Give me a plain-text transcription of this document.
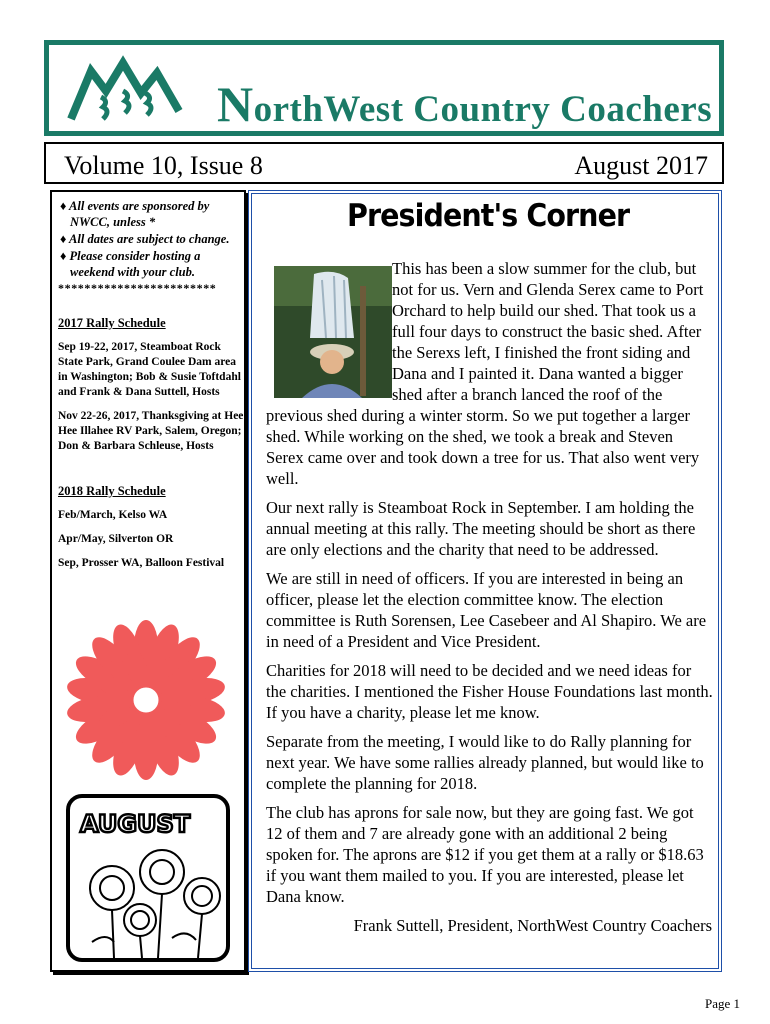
NorthWest Country Coachers
Volume 10, Issue 8	August 2017

♦ All events are sponsored by NWCC, unless *

♦ All dates are subject to change.

♦ Please consider hosting a weekend with your club.

************************
2017 Rally Schedule
Sep 19-22, 2017, Steamboat Rock State Park, Grand Coulee Dam area in Washington; Bob & Susie Toftdahl and Frank & Dana Suttell, Hosts
Nov 22-26, 2017, Thanksgiving at Hee Hee Illahee RV Park, Salem, Oregon; Don & Barbara Schleuse, Hosts
2018 Rally Schedule
Feb/March, Kelso WA
Apr/May, Silverton OR
Sep, Prosser WA, Balloon Festival
AUGUST
President's Corner

This has been a slow summer for the club, but not for us. Vern and Glenda Serex came to Port Orchard to help build our shed. That took us a full four days to construct the basic shed. After the Serexs left, I finished the front siding and Dana and I painted it. Dana wanted a bigger shed after a branch lanced the roof of the previous shed during a winter storm. So we put together a larger shed. While working on the shed, we took a break and Steven Serex came over and took down a tree for us. That also went very well.

Our next rally is Steamboat Rock in September. I am holding the annual meeting at this rally. The meeting should be short as there are only elections and the charity that need to be addressed.

We are still in need of officers. If you are interested in being an officer, please let the election committee know. The election committee is Ruth Sorensen, Lee Casebeer and Al Shapiro. We are in need of a President and Vice President.

Charities for 2018 will need to be decided and we need ideas for the charities. I mentioned the Fisher House Foundations last month. If you have a charity, please let me know.

Separate from the meeting, I would like to do Rally planning for next year. We have some rallies already planned, but would like to complete the planning for 2018.

The club has aprons for sale now, but they are going fast. We got 12 of them and 7 are already gone with an additional 2 being spoken for. The aprons are $12 if you get them at a rally or $18.63 if you want them mailed to you. If you are interested, please let Dana know.

Frank Suttell, President, NorthWest Country Coachers

Page 1
